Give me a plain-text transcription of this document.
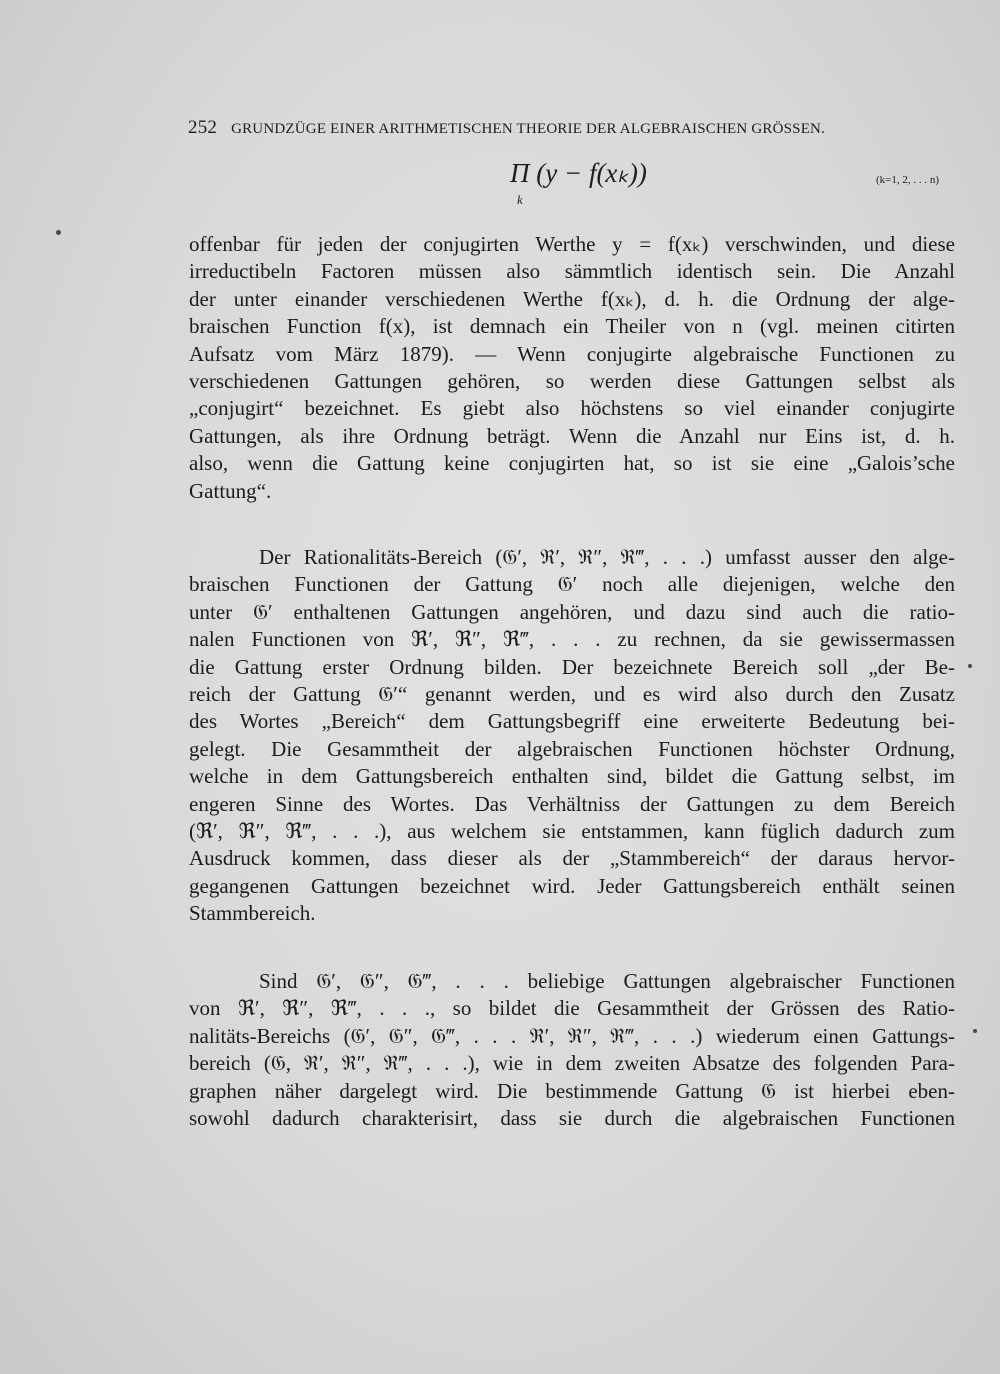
252 GRUNDZÜGE EINER ARITHMETISCHEN THEORIE DER ALGEBRAISCHEN GRÖSSEN.
Π (y − f(xₖ))
k
(k=1, 2, . . . n)
offenbar für jeden der conjugirten Werthe y = f(xₖ) verschwinden, und diese
irreductibeln Factoren müssen also sämmtlich identisch sein. Die Anzahl
der unter einander verschiedenen Werthe f(xₖ), d. h. die Ordnung der alge-
braischen Function f(x), ist demnach ein Theiler von n (vgl. meinen citirten
Aufsatz vom März 1879). — Wenn conjugirte algebraische Functionen zu
verschiedenen Gattungen gehören, so werden diese Gattungen selbst als
„conjugirt“ bezeichnet. Es giebt also höchstens so viel einander conjugirte
Gattungen, als ihre Ordnung beträgt. Wenn die Anzahl nur Eins ist, d. h.
also, wenn die Gattung keine conjugirten hat, so ist sie eine „Galois’sche
Gattung“.
Der Rationalitäts-Bereich (𝔊′, ℜ′, ℜ″, ℜ‴, . . .) umfasst ausser den alge-
braischen Functionen der Gattung 𝔊′ noch alle diejenigen, welche den
unter 𝔊′ enthaltenen Gattungen angehören, und dazu sind auch die ratio-
nalen Functionen von ℜ′, ℜ″, ℜ‴, . . . zu rechnen, da sie gewissermassen
die Gattung erster Ordnung bilden. Der bezeichnete Bereich soll „der Be-
reich der Gattung 𝔊′“ genannt werden, und es wird also durch den Zusatz
des Wortes „Bereich“ dem Gattungsbegriff eine erweiterte Bedeutung bei-
gelegt. Die Gesammtheit der algebraischen Functionen höchster Ordnung,
welche in dem Gattungsbereich enthalten sind, bildet die Gattung selbst, im
engeren Sinne des Wortes. Das Verhältniss der Gattungen zu dem Bereich
(ℜ′, ℜ″, ℜ‴, . . .), aus welchem sie entstammen, kann füglich dadurch zum
Ausdruck kommen, dass dieser als der „Stammbereich“ der daraus hervor-
gegangenen Gattungen bezeichnet wird. Jeder Gattungsbereich enthält seinen
Stammbereich.
Sind 𝔊′, 𝔊″, 𝔊‴, . . . beliebige Gattungen algebraischer Functionen
von ℜ′, ℜ″, ℜ‴, . . ., so bildet die Gesammtheit der Grössen des Ratio-
nalitäts-Bereichs (𝔊′, 𝔊″, 𝔊‴, . . . ℜ′, ℜ″, ℜ‴, . . .) wiederum einen Gattungs-
bereich (𝔊, ℜ′, ℜ″, ℜ‴, . . .), wie in dem zweiten Absatze des folgenden Para-
graphen näher dargelegt wird. Die bestimmende Gattung 𝔊 ist hierbei eben-
sowohl dadurch charakterisirt, dass sie durch die algebraischen Functionen
